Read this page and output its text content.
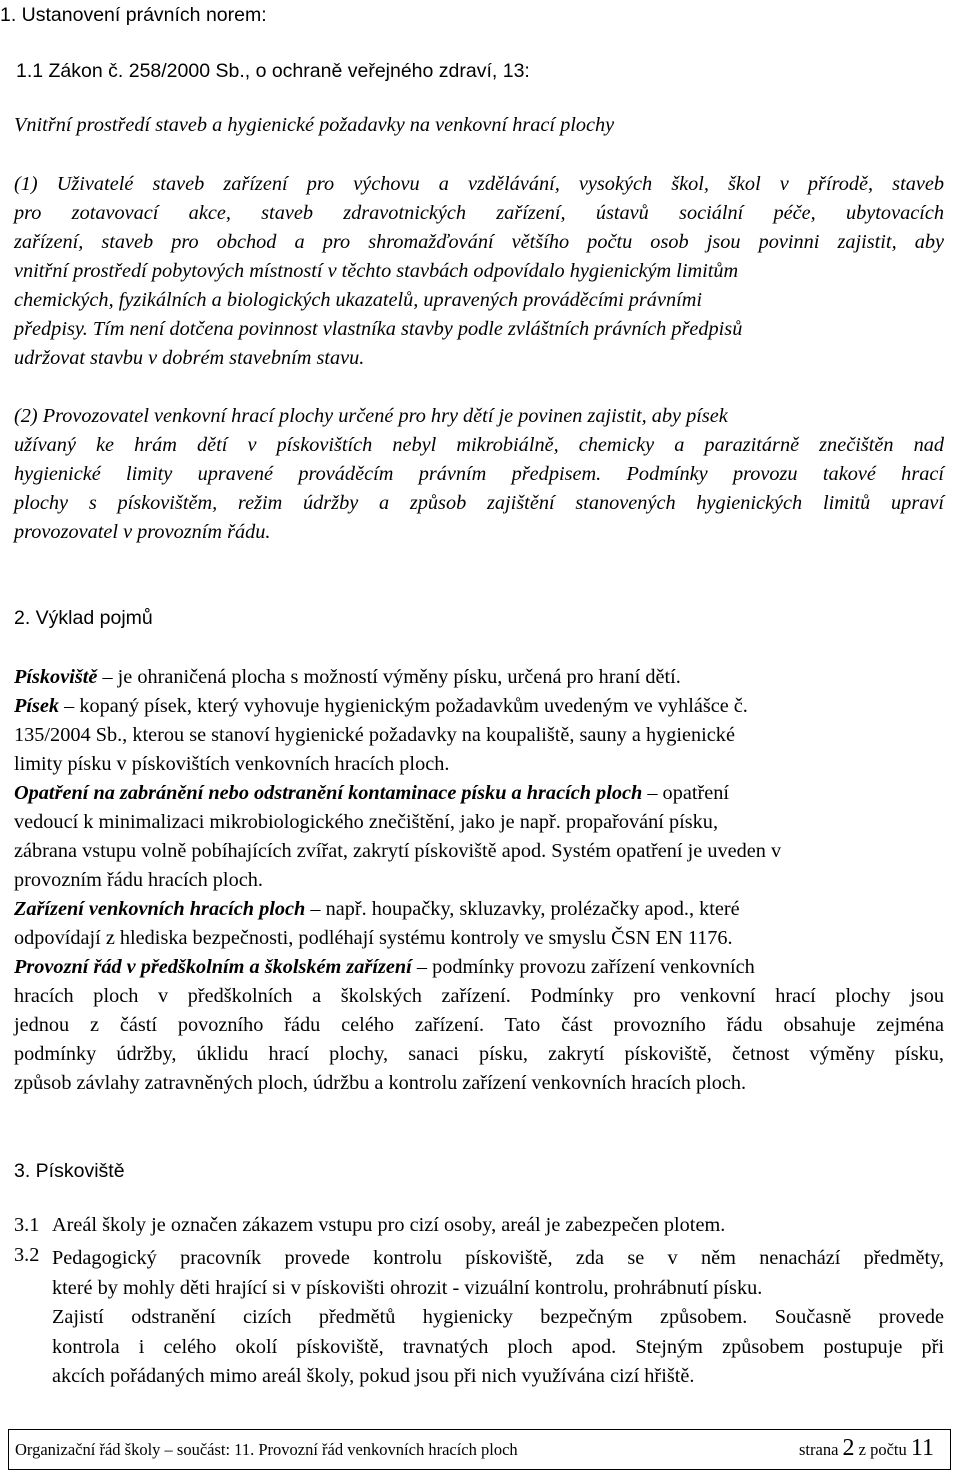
1. Ustanovení právních norem:
1.1 Zákon č. 258/2000 Sb., o ochraně veřejného zdraví, 13:
Vnitřní prostředí staveb a hygienické požadavky na venkovní hrací plochy
(1) Uživatelé staveb zařízení pro výchovu a vzdělávání, vysokých škol, škol v přírodě, staveb
pro zotavovací akce, staveb zdravotnických zařízení, ústavů sociální péče, ubytovacích
zařízení, staveb pro obchod a pro shromažďování většího počtu osob jsou povinni zajistit, aby
vnitřní prostředí pobytových místností v těchto stavbách odpovídalo hygienickým limitům
chemických, fyzikálních a biologických ukazatelů, upravených prováděcími právními
předpisy. Tím není dotčena povinnost vlastníka stavby podle zvláštních právních předpisů
udržovat stavbu v dobrém stavebním stavu.
(2) Provozovatel venkovní hrací plochy určené pro hry dětí je povinen zajistit, aby písek
užívaný ke hrám dětí v pískovištích nebyl mikrobiálně, chemicky a parazitárně znečištěn nad
hygienické limity upravené prováděcím právním předpisem. Podmínky provozu takové hrací
plochy s pískovištěm, režim údržby a způsob zajištění stanovených hygienických limitů upraví
provozovatel v provozním řádu.
2. Výklad pojmů
Pískoviště – je ohraničená plocha s možností výměny písku, určená pro hraní dětí.
Písek – kopaný písek, který vyhovuje hygienickým požadavkům uvedeným ve vyhlášce č.
135/2004 Sb., kterou se stanoví hygienické požadavky na koupaliště, sauny a hygienické
limity písku v pískovištích venkovních hracích ploch.
Opatření na zabránění nebo odstranění kontaminace písku a hracích ploch – opatření
vedoucí k minimalizaci mikrobiologického znečištění, jako je např. propařování písku,
zábrana vstupu volně pobíhajících zvířat, zakrytí pískoviště apod. Systém opatření je uveden v
provozním řádu hracích ploch.
Zařízení venkovních hracích ploch – např. houpačky, skluzavky, prolézačky apod., které
odpovídají z hlediska bezpečnosti, podléhají systému kontroly ve smyslu ČSN EN 1176.
Provozní řád v předškolním a školském zařízení – podmínky provozu zařízení venkovních
hracích ploch v předškolních a školských zařízení. Podmínky pro venkovní hrací plochy jsou
jednou z částí povozního řádu celého zařízení. Tato část provozního řádu obsahuje zejména
podmínky údržby, úklidu hrací plochy, sanaci písku, zakrytí pískoviště, četnost výměny písku,
způsob závlahy zatravněných ploch, údržbu a kontrolu zařízení venkovních hracích ploch.
3. Pískoviště
3.1 Areál školy je označen zákazem vstupu pro cizí osoby, areál je zabezpečen plotem.
3.2 Pedagogický pracovník provede kontrolu pískoviště, zda se v něm nenachází předměty,
které by mohly děti hrající si v pískovišti ohrozit - vizuální kontrolu, prohrábnutí písku.
Zajistí odstranění cizích předmětů hygienicky bezpečným způsobem. Současně provede
kontrola i celého okolí pískoviště, travnatých ploch apod. Stejným způsobem postupuje při
akcích pořádaných mimo areál školy, pokud jsou při nich využívána cizí hřiště.
Organizační řád školy – součást: 11. Provozní řád venkovních hracích ploch	strana 2 z počtu 11
